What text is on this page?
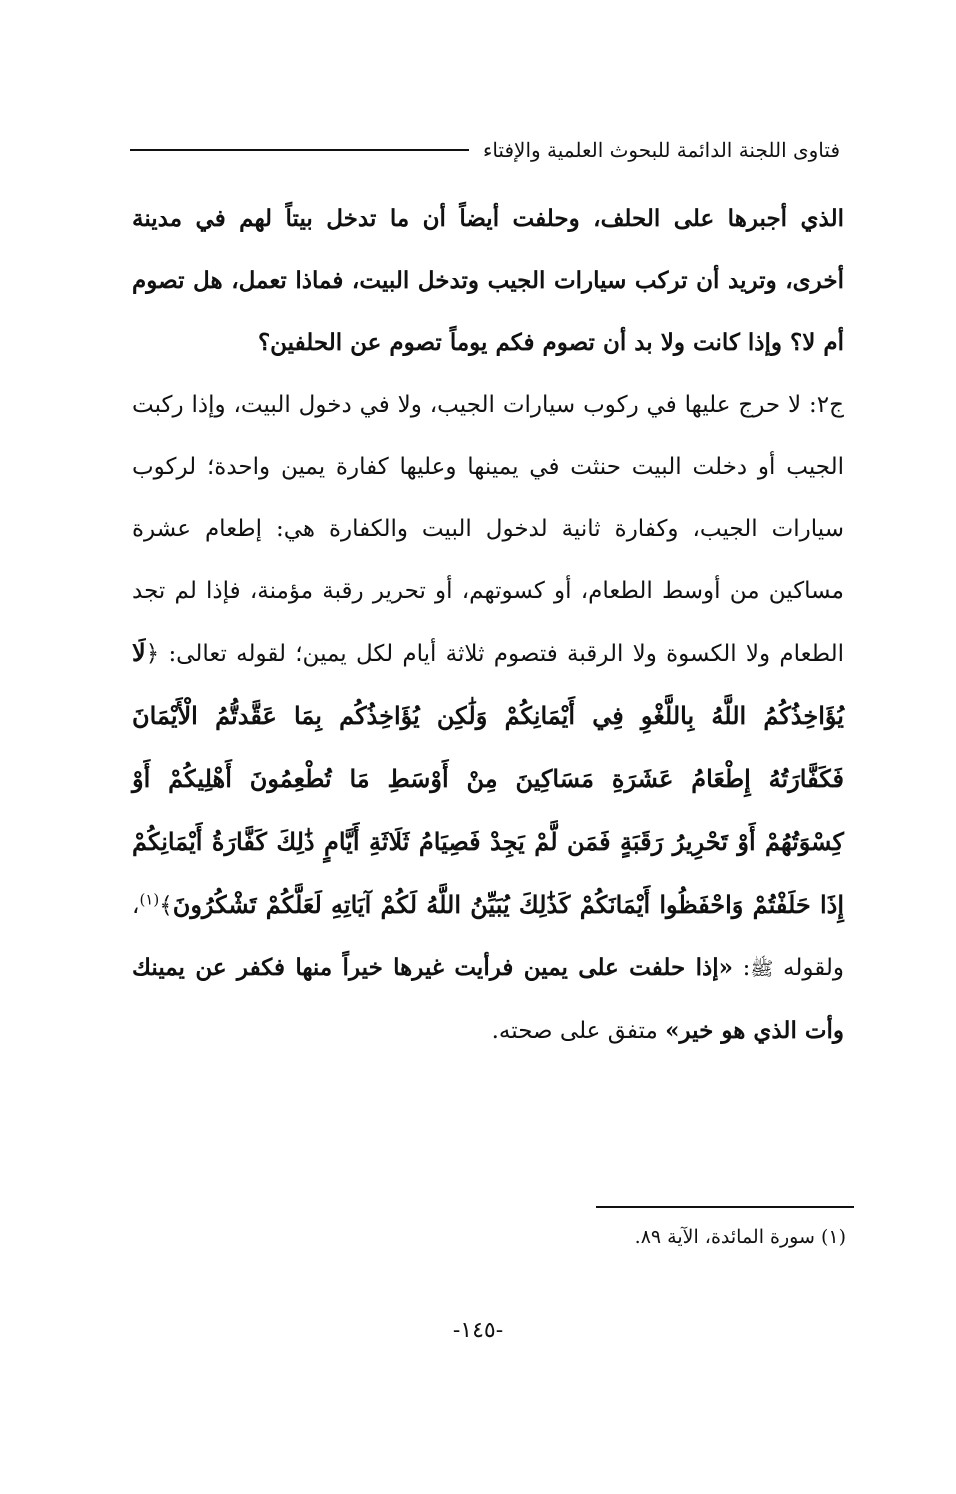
فتاوى اللجنة الدائمة للبحوث العلمية والإفتاء

الذي أجبرها على الحلف، وحلفت أيضاً أن ما تدخل بيتاً لهم في مدينة أخرى، وتريد أن تركب سيارات الجيب وتدخل البيت، فماذا تعمل، هل تصوم أم لا؟ وإذا كانت ولا بد أن تصوم فكم يوماً تصوم عن الحلفين؟

ج٢: لا حرج عليها في ركوب سيارات الجيب، ولا في دخول البيت، وإذا ركبت الجيب أو دخلت البيت حنثت في يمينها وعليها كفارة يمين واحدة؛ لركوب سيارات الجيب، وكفارة ثانية لدخول البيت والكفارة هي: إطعام عشرة مساكين من أوسط الطعام، أو كسوتهم، أو تحرير رقبة مؤمنة، فإذا لم تجد الطعام ولا الكسوة ولا الرقبة فتصوم ثلاثة أيام لكل يمين؛ لقوله تعالى: ﴿لَا يُؤَاخِذُكُمُ اللَّهُ بِاللَّغْوِ فِي أَيْمَانِكُمْ وَلَٰكِن يُؤَاخِذُكُم بِمَا عَقَّدتُّمُ الْأَيْمَانَ فَكَفَّارَتُهُ إِطْعَامُ عَشَرَةِ مَسَاكِينَ مِنْ أَوْسَطِ مَا تُطْعِمُونَ أَهْلِيكُمْ أَوْ كِسْوَتُهُمْ أَوْ تَحْرِيرُ رَقَبَةٍ فَمَن لَّمْ يَجِدْ فَصِيَامُ ثَلَاثَةِ أَيَّامٍ ذَٰلِكَ كَفَّارَةُ أَيْمَانِكُمْ إِذَا حَلَفْتُمْ وَاحْفَظُوا أَيْمَانَكُمْ كَذَٰلِكَ يُبَيِّنُ اللَّهُ لَكُمْ آيَاتِهِ لَعَلَّكُمْ تَشْكُرُونَ﴾$^{(١)}$، ولقوله ﷺ: «إذا حلفت على يمين فرأيت غيرها خيراً منها فكفر عن يمينك وأت الذي هو خير» متفق على صحته.

(١) سورة المائدة، الآية ٨٩.
-١٤٥-
